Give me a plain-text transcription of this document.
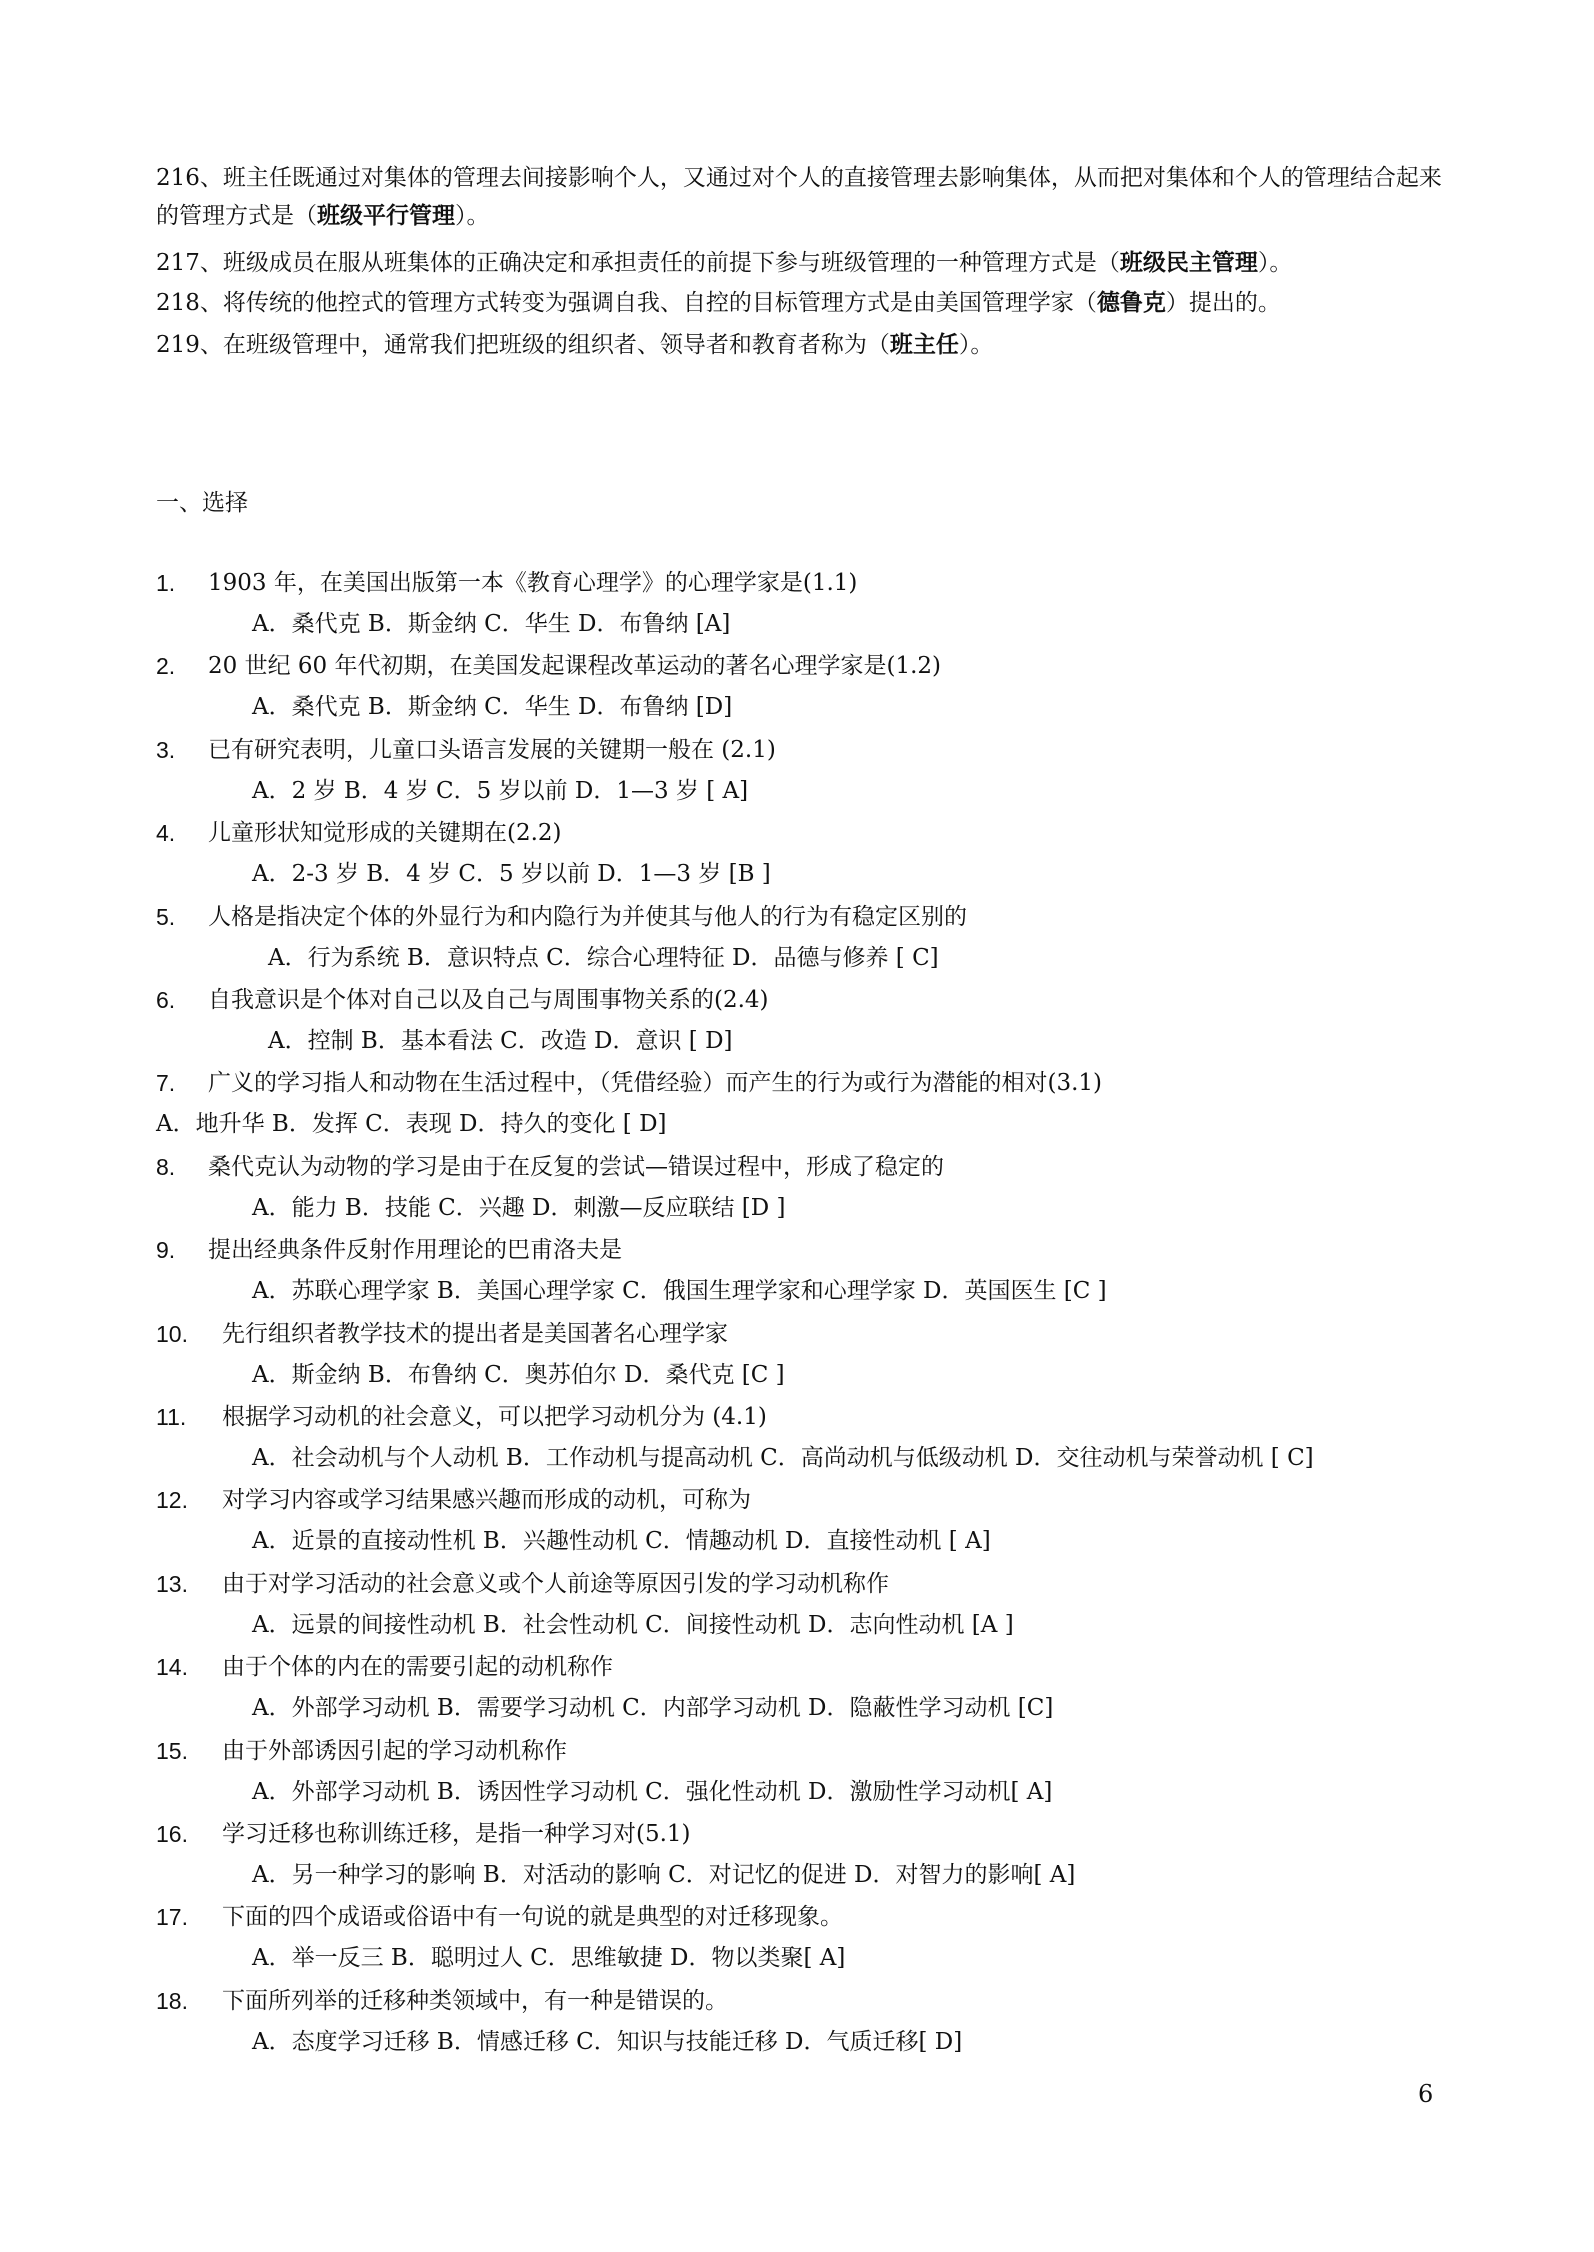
216、班主任既通过对集体的管理去间接影响个人，又通过对个人的直接管理去影响集体，从而把对集体和个人的管理结合起来的管理方式是（班级平行管理）。
217、班级成员在服从班集体的正确决定和承担责任的前提下参与班级管理的一种管理方式是（班级民主管理）。
218、将传统的他控式的管理方式转变为强调自我、自控的目标管理方式是由美国管理学家（德鲁克）提出的。
219、在班级管理中，通常我们把班级的组织者、领导者和教育者称为（班主任）。
一、选择
1. 1903 年，在美国出版第一本《教育心理学》的心理学家是(1.1)
A．桑代克 B．斯金纳 C．华生 D．布鲁纳 [A]
2. 20 世纪 60 年代初期，在美国发起课程改革运动的著名心理学家是(1.2)
A．桑代克 B．斯金纳 C．华生 D．布鲁纳 [D]
3. 已有研究表明，儿童口头语言发展的关键期一般在 (2.1)
A．2 岁 B．4 岁 C．5 岁以前 D．1—3 岁 [ A]
4. 儿童形状知觉形成的关键期在(2.2)
A．2-3 岁 B．4 岁 C．5 岁以前 D．1—3 岁 [B ]
5. 人格是指决定个体的外显行为和内隐行为并使其与他人的行为有稳定区别的
A．行为系统 B．意识特点 C．综合心理特征 D．品德与修养 [ C]
6. 自我意识是个体对自己以及自己与周围事物关系的(2.4)
A．控制 B．基本看法 C．改造 D．意识 [ D]
7. 广义的学习指人和动物在生活过程中，（凭借经验）而产生的行为或行为潜能的相对(3.1)
A．地升华 B．发挥 C．表现 D．持久的变化 [ D]
8. 桑代克认为动物的学习是由于在反复的尝试—错误过程中，形成了稳定的
A．能力 B．技能 C．兴趣 D．刺激—反应联结 [D ]
9. 提出经典条件反射作用理论的巴甫洛夫是
A．苏联心理学家 B．美国心理学家 C．俄国生理学家和心理学家 D．英国医生 [C ]
10. 先行组织者教学技术的提出者是美国著名心理学家
A．斯金纳 B．布鲁纳 C．奥苏伯尔 D．桑代克 [C ]
11. 根据学习动机的社会意义，可以把学习动机分为 (4.1)
A．社会动机与个人动机 B．工作动机与提高动机 C．高尚动机与低级动机 D．交往动机与荣誉动机 [ C]
12. 对学习内容或学习结果感兴趣而形成的动机，可称为
A．近景的直接动性机 B．兴趣性动机 C．情趣动机 D．直接性动机 [ A]
13. 由于对学习活动的社会意义或个人前途等原因引发的学习动机称作
A．远景的间接性动机 B．社会性动机 C．间接性动机 D．志向性动机 [A ]
14. 由于个体的内在的需要引起的动机称作
A．外部学习动机 B．需要学习动机 C．内部学习动机 D．隐蔽性学习动机 [C]
15. 由于外部诱因引起的学习动机称作
A．外部学习动机 B．诱因性学习动机 C．强化性动机 D．激励性学习动机[ A]
16. 学习迁移也称训练迁移，是指一种学习对(5.1)
A．另一种学习的影响 B．对活动的影响 C．对记忆的促进 D．对智力的影响[ A]
17. 下面的四个成语或俗语中有一句说的就是典型的对迁移现象。
A．举一反三 B．聪明过人 C．思维敏捷 D．物以类聚[ A]
18. 下面所列举的迁移种类领域中，有一种是错误的。
A．态度学习迁移 B．情感迁移 C．知识与技能迁移 D．气质迁移[ D]
6
